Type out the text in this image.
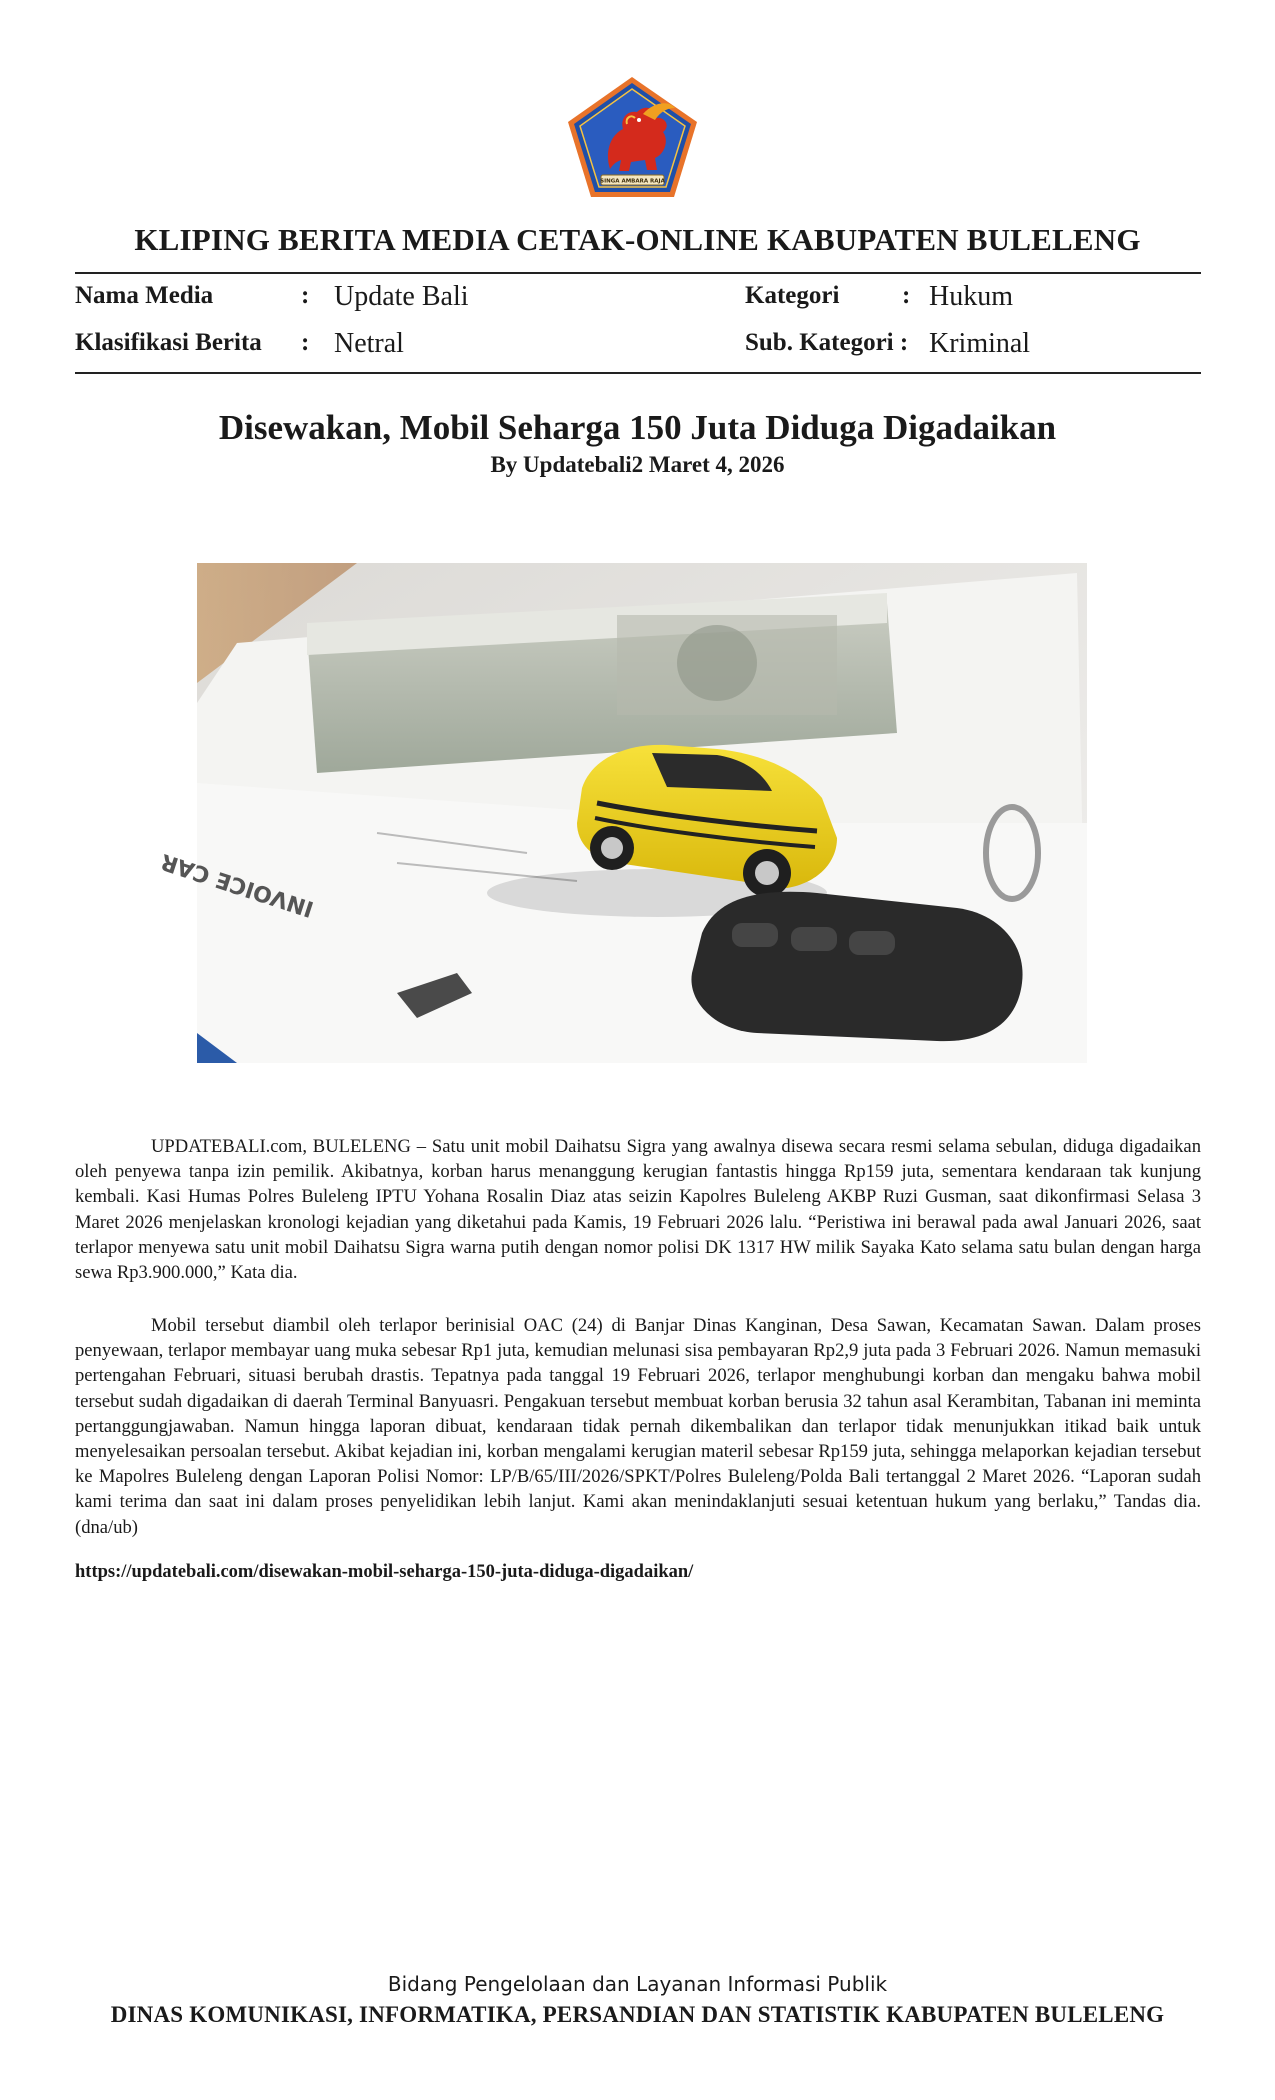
SINGA AMBARA RAJA
KLIPING BERITA MEDIA CETAK-ONLINE KABUPATEN BULELENG
Nama Media	: Update Bali	Kategori	: Hukum
Klasifikasi Berita : Netral	Sub. Kategori : Kriminal
Disewakan, Mobil Seharga 150 Juta Diduga Digadaikan
By Updatebali2 Maret 4, 2026
INVOICE CAR

UPDATEBALI.com, BULELENG – Satu unit mobil Daihatsu Sigra yang awalnya disewa secara resmi selama sebulan, diduga digadaikan oleh penyewa tanpa izin pemilik. Akibatnya, korban harus menanggung kerugian fantastis hingga Rp159 juta, sementara kendaraan tak kunjung kembali. Kasi Humas Polres Buleleng IPTU Yohana Rosalin Diaz atas seizin Kapolres Buleleng AKBP Ruzi Gusman, saat dikonfirmasi Selasa 3 Maret 2026 menjelaskan kronologi kejadian yang diketahui pada Kamis, 19 Februari 2026 lalu. “Peristiwa ini berawal pada awal Januari 2026, saat terlapor menyewa satu unit mobil Daihatsu Sigra warna putih dengan nomor polisi DK 1317 HW milik Sayaka Kato selama satu bulan dengan harga sewa Rp3.900.000,” Kata dia.

Mobil tersebut diambil oleh terlapor berinisial OAC (24) di Banjar Dinas Kanginan, Desa Sawan, Kecamatan Sawan. Dalam proses penyewaan, terlapor membayar uang muka sebesar Rp1 juta, kemudian melunasi sisa pembayaran Rp2,9 juta pada 3 Februari 2026. Namun memasuki pertengahan Februari, situasi berubah drastis. Tepatnya pada tanggal 19 Februari 2026, terlapor menghubungi korban dan mengaku bahwa mobil tersebut sudah digadaikan di daerah Terminal Banyuasri. Pengakuan tersebut membuat korban berusia 32 tahun asal Kerambitan, Tabanan ini meminta pertanggungjawaban. Namun hingga laporan dibuat, kendaraan tidak pernah dikembalikan dan terlapor tidak menunjukkan itikad baik untuk menyelesaikan persoalan tersebut. Akibat kejadian ini, korban mengalami kerugian materil sebesar Rp159 juta, sehingga melaporkan kejadian tersebut ke Mapolres Buleleng dengan Laporan Polisi Nomor: LP/B/65/III/2026/SPKT/Polres Buleleng/Polda Bali tertanggal 2 Maret 2026. “Laporan sudah kami terima dan saat ini dalam proses penyelidikan lebih lanjut. Kami akan menindaklanjuti sesuai ketentuan hukum yang berlaku,” Tandas dia.(dna/ub)

https://updatebali.com/disewakan-mobil-seharga-150-juta-diduga-digadaikan/
Bidang Pengelolaan dan Layanan Informasi Publik
DINAS KOMUNIKASI, INFORMATIKA, PERSANDIAN DAN STATISTIK KABUPATEN BULELENG
